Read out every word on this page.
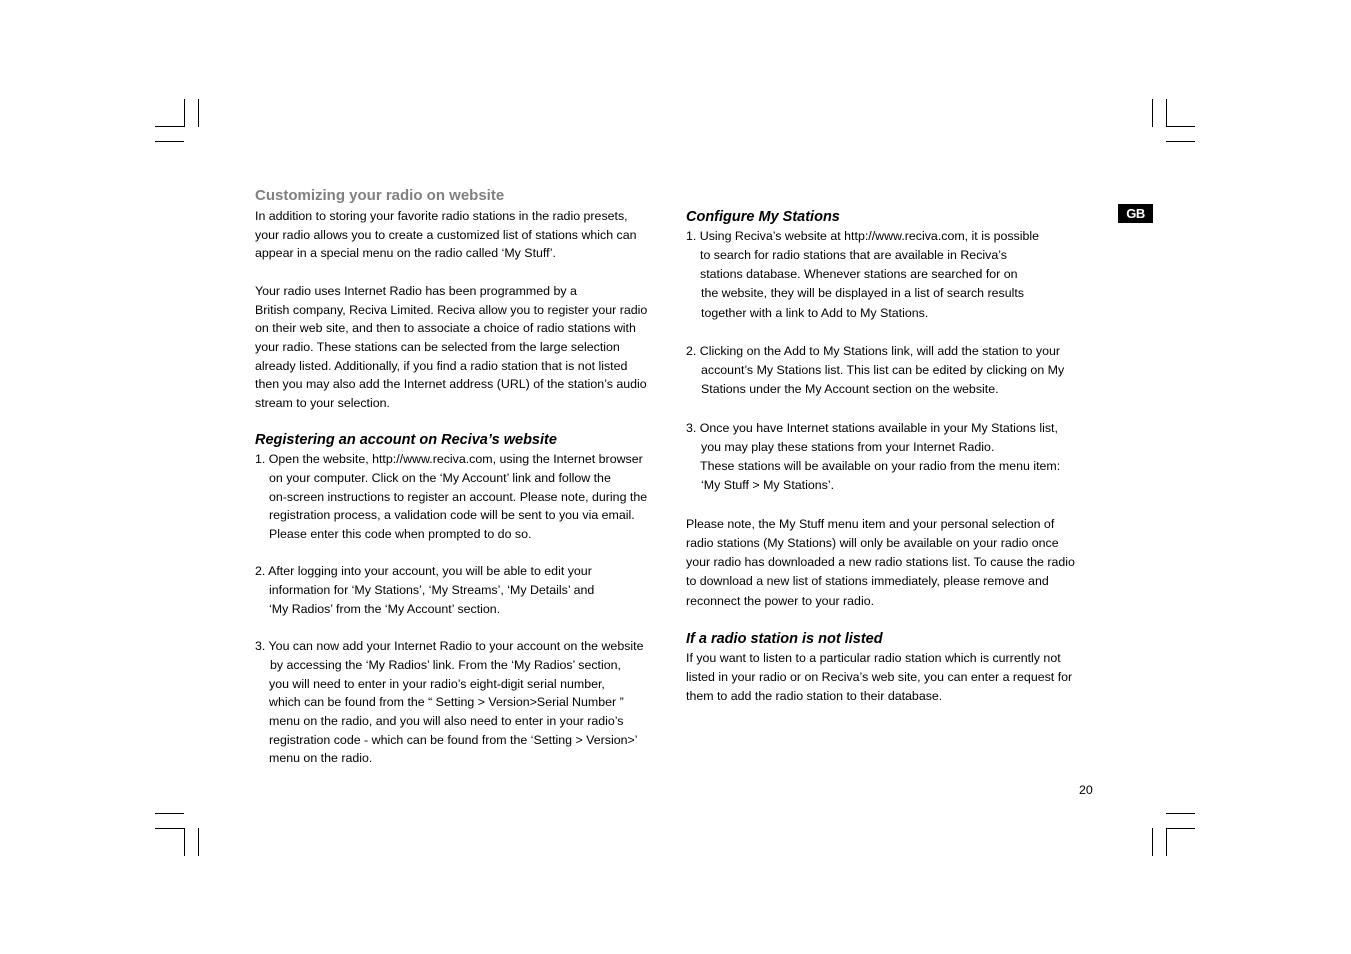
GB
Customizing your radio on website
In addition to storing your favorite radio stations in the radio presets,
your radio allows you to create a customized list of stations which can
appear in a special menu on the radio called ‘My Stuff’.
Your radio uses Internet Radio has been programmed by a
British company, Reciva Limited. Reciva allow you to register your radio
on their web site, and then to associate a choice of radio stations with
your radio. These stations can be selected from the large selection
already listed. Additionally, if you find a radio station that is not listed
then you may also add the Internet address (URL) of the station’s audio
stream to your selection.
Registering an account on Reciva’s website
1. Open the website, http://www.reciva.com, using the Internet browser
on your computer. Click on the ‘My Account’ link and follow the
on-screen instructions to register an account. Please note, during the
registration process, a validation code will be sent to you via email.
Please enter this code when prompted to do so.
2. After logging into your account, you will be able to edit your
information for ‘My Stations’, ‘My Streams’, ‘My Details’ and
‘My Radios’ from the ‘My Account’ section.
3. You can now add your Internet Radio to your account on the website
by accessing the ‘My Radios’ link. From the ‘My Radios’ section,
you will need to enter in your radio’s eight-digit serial number,
which can be found from the “ Setting > Version>Serial Number ”
menu on the radio, and you will also need to enter in your radio’s
registration code - which can be found from the ‘Setting > Version>’
menu on the radio.
Configure My Stations
1. Using Reciva’s website at http://www.reciva.com, it is possible
to search for radio stations that are available in Reciva’s
stations database. Whenever stations are searched for on
the website, they will be displayed in a list of search results
together with a link to Add to My Stations.
2. Clicking on the Add to My Stations link, will add the station to your
account’s My Stations list. This list can be edited by clicking on My
Stations under the My Account section on the website.
3. Once you have Internet stations available in your My Stations list,
you may play these stations from your Internet Radio.
These stations will be available on your radio from the menu item:
‘My Stuff > My Stations’.
Please note, the My Stuff menu item and your personal selection of
radio stations (My Stations) will only be available on your radio once
your radio has downloaded a new radio stations list. To cause the radio
to download a new list of stations immediately, please remove and
reconnect the power to your radio.
If a radio station is not listed
If you want to listen to a particular radio station which is currently not
listed in your radio or on Reciva’s web site, you can enter a request for
them to add the radio station to their database.
20
